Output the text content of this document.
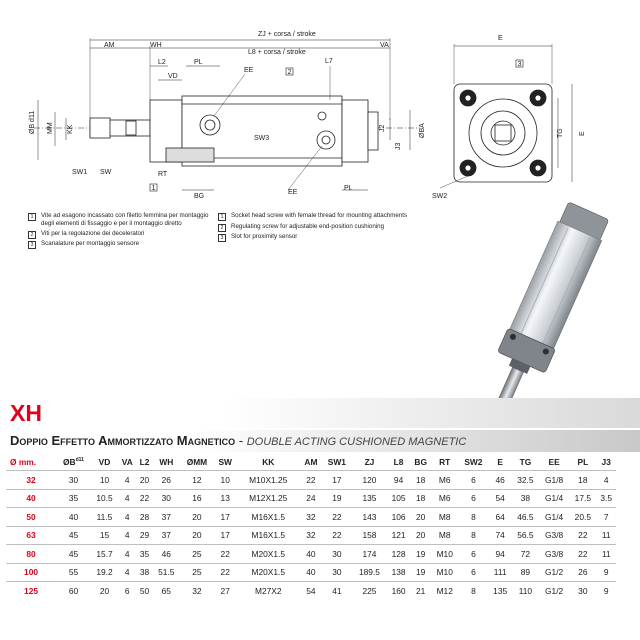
ZJ + corsa / stroke
L8 + corsa / stroke
AM	WH	VA
L2	PL
VD
EE
L7
ØB d11 MM KK
SW3
J2
J3
ØBA
SW1 SW	RT
BG
EE
PL
E
TG E
SW2
1
2
3
1	Vite ad esagono incassato con filetto femmina per montaggio degli elementi di fissaggio e per il montaggio diretto
2	Viti per la regolazione dei deceleratori
3	Scanalature per montaggio sensore
1	Socket head screw with female thread for mounting attachments
2	Regulating screw for adjustable end-position cushioning
3	Slot for proximity sensor
XH
Doppio Effetto Ammortizzato Magnetico - DOUBLE ACTING CUSHIONED MAGNETIC
Ø mm.	$ØB_{d11}$	VD	VA	L2	WH	ØMM	SW	KK	AM	SW1	ZJ	L8	BG	RT	SW2	E	TG	EE	PL	J3
32	30	10	4	20	26	12	10	M10X1.25	22	17	120	94	18	M6	6	46	32.5	G1/8	18	4
40	35	10.5	4	22	30	16	13	M12X1.25	24	19	135	105	18	M6	6	54	38	G1/4	17.5	3.5
50	40	11.5	4	28	37	20	17	M16X1.5	32	22	143	106	20	M8	8	64	46.5	G1/4	20.5	7
63	45	15	4	29	37	20	17	M16X1.5	32	22	158	121	20	M8	8	74	56.5	G3/8	22	11
80	45	15.7	4	35	46	25	22	M20X1.5	40	30	174	128	19	M10	6	94	72	G3/8	22	11
100	55	19.2	4	38	51.5	25	22	M20X1.5	40	30	189.5	138	19	M10	6	111	89	G1/2	26	9
125	60	20	6	50	65	32	27	M27X2	54	41	225	160	21	M12	8	135	110	G1/2	30	9
